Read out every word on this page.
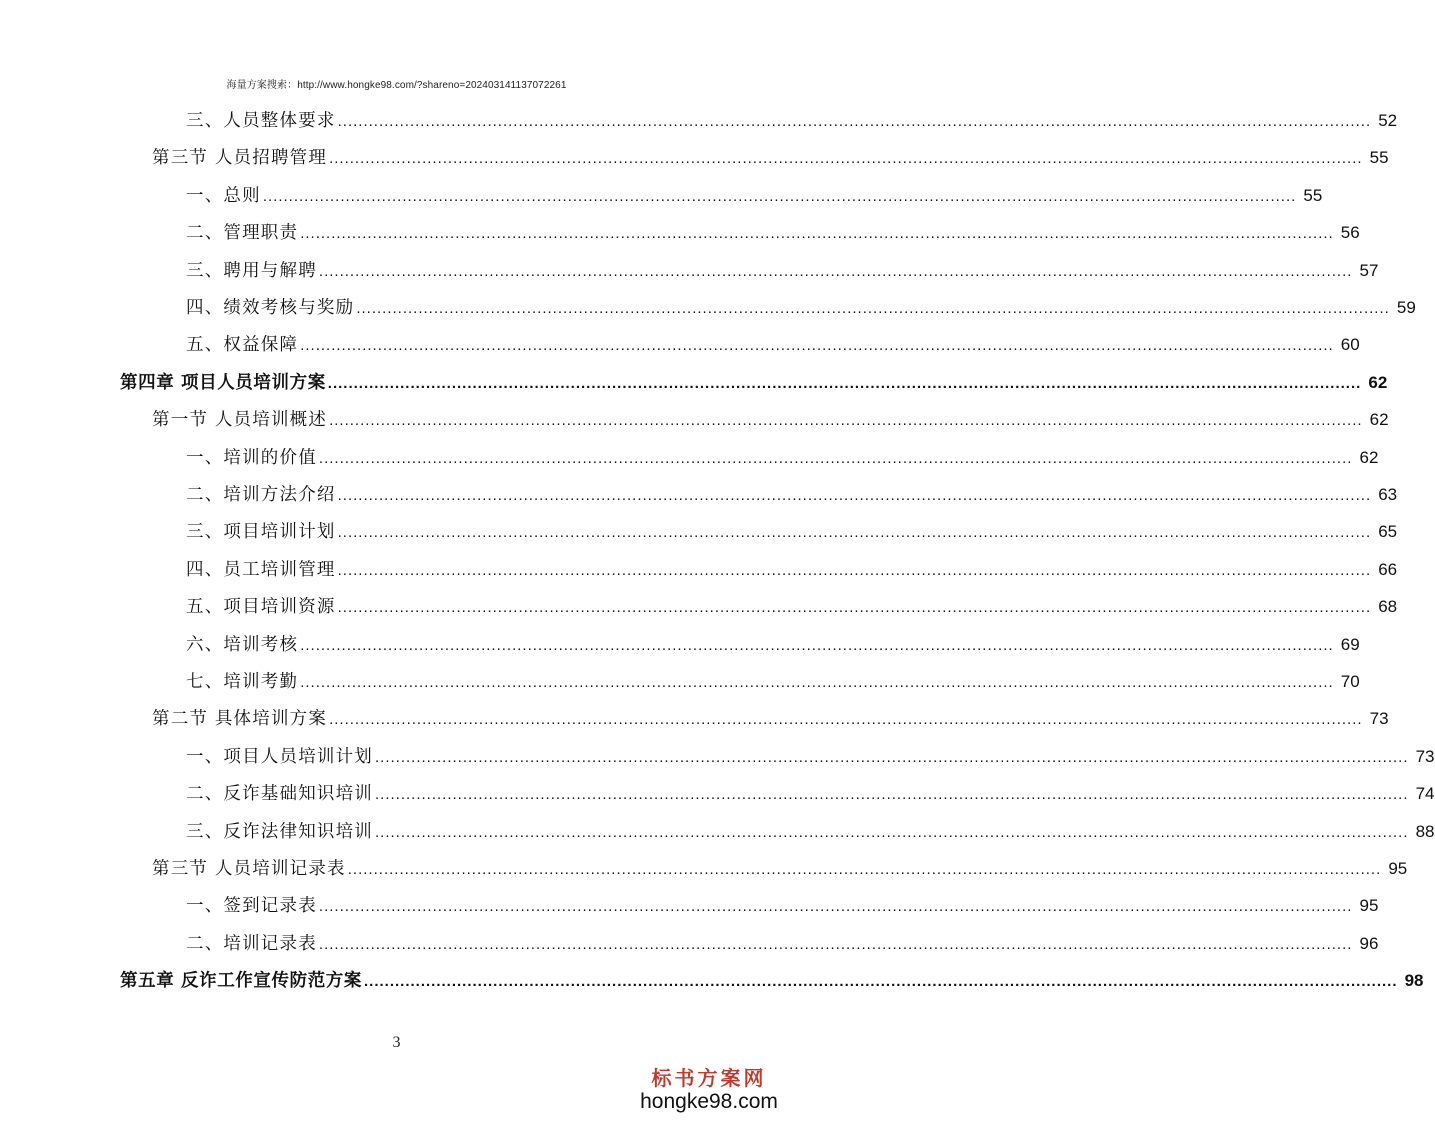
海量方案搜索：http://www.hongke98.com/?shareno=20240314113707226​1
三、人员整体要求 ........................................................................................................................................................................................................ 52
第三节 人员招聘管理 ........................................................................................................................................................................................................ 55
一、总则 ........................................................................................................................................................................................................ 55
二、管理职责 ........................................................................................................................................................................................................ 56
三、聘用与解聘 ........................................................................................................................................................................................................ 57
四、绩效考核与奖励 ........................................................................................................................................................................................................ 59
五、权益保障 ........................................................................................................................................................................................................ 60
第四章 项目人员培训方案 ........................................................................................................................................................................................................ 62
第一节 人员培训概述 ........................................................................................................................................................................................................ 62
一、培训的价值 ........................................................................................................................................................................................................ 62
二、培训方法介绍 ........................................................................................................................................................................................................ 63
三、项目培训计划 ........................................................................................................................................................................................................ 65
四、员工培训管理 ........................................................................................................................................................................................................ 66
五、项目培训资源 ........................................................................................................................................................................................................ 68
六、培训考核 ........................................................................................................................................................................................................ 69
七、培训考勤 ........................................................................................................................................................................................................ 70
第二节 具体培训方案 ........................................................................................................................................................................................................ 73
一、项目人员培训计划 ........................................................................................................................................................................................................ 73
二、反诈基础知识培训 ........................................................................................................................................................................................................ 74
三、反诈法律知识培训 ........................................................................................................................................................................................................ 88
第三节 人员培训记录表 ........................................................................................................................................................................................................ 95
一、签到记录表 ........................................................................................................................................................................................................ 95
二、培训记录表 ........................................................................................................................................................................................................ 96
第五章 反诈工作宣传防范方案 ........................................................................................................................................................................................................ 98
3
标书方案网
hongke98.com
